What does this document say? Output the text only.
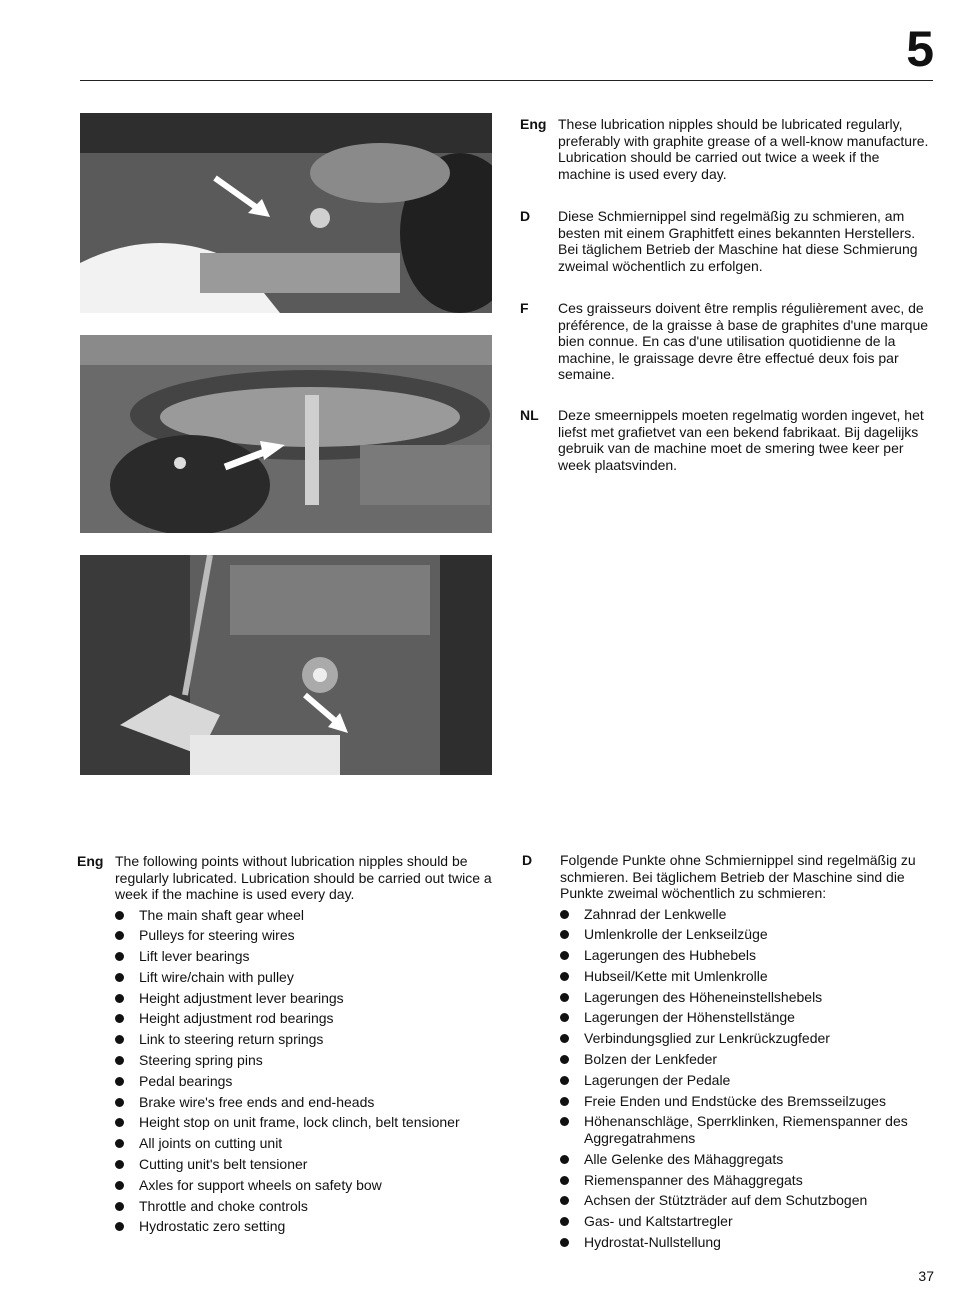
5
Eng These lubrication nipples should be lubricated regularly, preferably with graphite grease of a well-know manufacture. Lubrication should be carried out twice a week if the machine is used every day.
D Diese Schmiernippel sind regelmäßig zu schmieren, am besten mit einem Graphitfett eines bekannten Herstellers. Bei täglichem Betrieb der Maschine hat diese Schmierung zweimal wöchentlich zu erfolgen.
F Ces graisseurs doivent être remplis régulièrement avec, de préférence, de la graisse à base de graphites d'une marque bien connue. En cas d'une utilisation quotidienne de la machine, le graissage devre être effectué deux fois par semaine.
NL Deze smeernippels moeten regelmatig worden ingevet, het liefst met grafietvet van een bekend fabrikaat. Bij dagelijks gebruik van de machine moet de smering twee keer per week plaatsvinden.
Eng The following points without lubrication nipples should be regularly lubricated. Lubrication should be carried out twice a week if the machine is used every day.
The main shaft gear wheel
Pulleys for steering wires
Lift lever bearings
Lift wire/chain with pulley
Height adjustment lever bearings
Height adjustment rod bearings
Link to steering return springs
Steering spring pins
Pedal bearings
Brake wire's free ends and end-heads
Height stop on unit frame, lock clinch, belt tensioner
All joints on cutting unit
Cutting unit's belt tensioner
Axles for support wheels on safety bow
Throttle and choke controls
Hydrostatic zero setting
D Folgende Punkte ohne Schmiernippel sind regelmäßig zu schmieren. Bei täglichem Betrieb der Maschine sind die Punkte zweimal wöchentlich zu schmieren:
Zahnrad der Lenkwelle
Umlenkrolle der Lenkseilzüge
Lagerungen des Hubhebels
Hubseil/Kette mit Umlenkrolle
Lagerungen des Höheneinstellshebels
Lagerungen der Höhenstellstänge
Verbindungsglied zur Lenkrückzugfeder
Bolzen der Lenkfeder
Lagerungen der Pedale
Freie Enden und Endstücke des Bremsseilzuges
Höhenanschläge, Sperrklinken, Riemenspanner des Aggregatrahmens
Alle Gelenke des Mähaggregats
Riemenspanner des Mähaggregats
Achsen der Stützträder auf dem Schutzbogen
Gas- und Kaltstartregler
Hydrostat-Nullstellung
37
